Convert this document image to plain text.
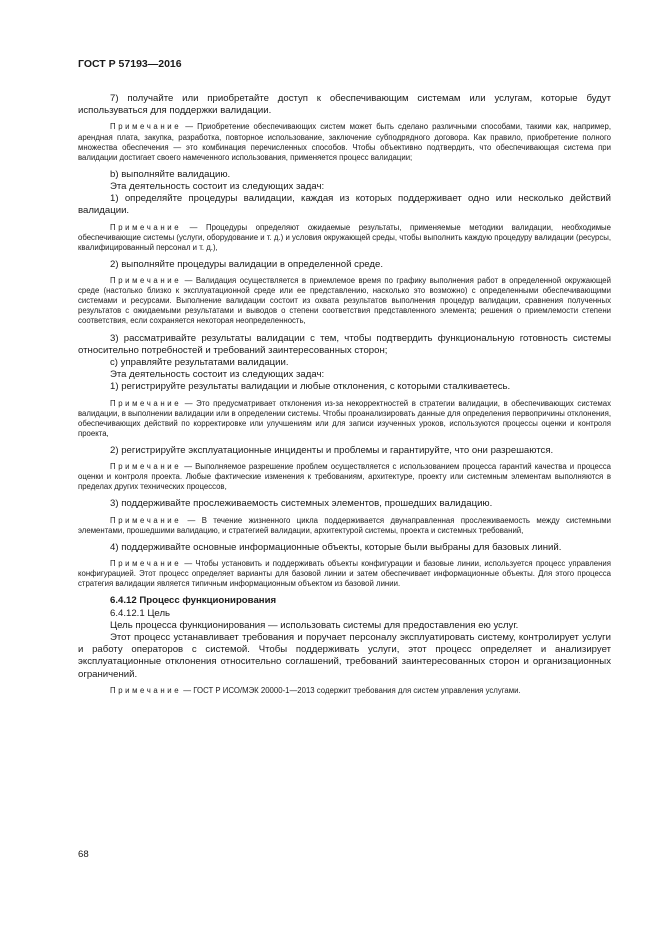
ГОСТ Р 57193—2016
7) получайте или приобретайте доступ к обеспечивающим системам или услугам, которые будут используваться для поддержки валидации.
Примечание — Приобретение обеспечивающих систем может быть сделано различными способами, такими как, например, арендная плата, закупка, разработка, повторное использование, заключение субподрядного договора. Как правило, приобретение полного множества обеспечения — это комбинация перечисленных способов. Чтобы объективно подтвердить, что обеспечивающая система при валидации достигает своего намеченного использования, применяется процесс валидации;
b) выполняйте валидацию.
Эта деятельность состоит из следующих задач:
1) определяйте процедуры валидации, каждая из которых поддерживает одно или несколько действий валидации.
Примечание — Процедуры определяют ожидаемые результаты, применяемые методики валидации, необходимые обеспечивающие системы (услуги, оборудование и т. д.) и условия окружающей среды, чтобы выполнить каждую процедуру валидации (ресурсы, квалифицированный персонал и т. д.),
2) выполняйте процедуры валидации в определенной среде.
Примечание — Валидация осуществляется в приемлемое время по графику выполнения работ в определенной окружающей среде (настолько близко к эксплуатационной среде или ее представлению, насколько это возможно) с определенными обеспечивающими системами и ресурсами. Выполнение валидации состоит из охвата результатов выполнения процедур валидации, сравнения полученных результатов с ожидаемыми результатами и выводов о степени соответствия представленного элемента; решения о приемлемости степени соответствия, если сохраняется некоторая неопределенность,
3) рассматривайте результаты валидации с тем, чтобы подтвердить функциональную готовность системы относительно потребностей и требований заинтересованных сторон;
c) управляйте результатами валидации.
Эта деятельность состоит из следующих задач:
1) регистрируйте результаты валидации и любые отклонения, с которыми сталкиваетесь.
Примечание — Это предусматривает отклонения из-за некорректностей в стратегии валидации, в обеспечивающих системах валидации, в выполнении валидации или в определении системы. Чтобы проанализировать данные для определения первопричины отклонения, обеспечивающих действий по корректировке или улучшениям или для записи изученных уроков, используются процессы оценки и контроля проекта,
2) регистрируйте эксплуатационные инциденты и проблемы и гарантируйте, что они разрешаются.
Примечание — Выполняемое разрешение проблем осуществляется с использованием процесса гарантий качества и процесса оценки и контроля проекта. Любые фактические изменения к требованиям, архитектуре, проекту или системным элементам выполняются в пределах других технических процессов,
3) поддерживайте прослеживаемость системных элементов, прошедших валидацию.
Примечание — В течение жизненного цикла поддерживается двунаправленная прослеживаемость между системными элементами, прошедшими валидацию, и стратегией валидации, архитектурой системы, проекта и системных требований,
4) поддерживайте основные информационные объекты, которые были выбраны для базовых линий.
Примечание — Чтобы установить и поддерживать объекты конфигурации и базовые линии, используется процесс управления конфигурацией. Этот процесс определяет варианты для базовой линии и затем обеспечивает информационные объекты. Для этого процесса стратегия валидации является типичным информационным объектом из базовой линии.
6.4.12 Процесс функционирования
6.4.12.1 Цель
Цель процесса функционирования — использовать системы для предоставления ею услуг.
Этот процесс устанавливает требования и поручает персоналу эксплуатировать систему, контролирует услуги и работу операторов с системой. Чтобы поддерживать услуги, этот процесс определяет и анализирует эксплуатационные отклонения относительно соглашений, требований заинтересованных сторон и организационных ограничений.
Примечание — ГОСТ Р ИСО/МЭК 20000-1—2013 содержит требования для систем управления услугами.
68
